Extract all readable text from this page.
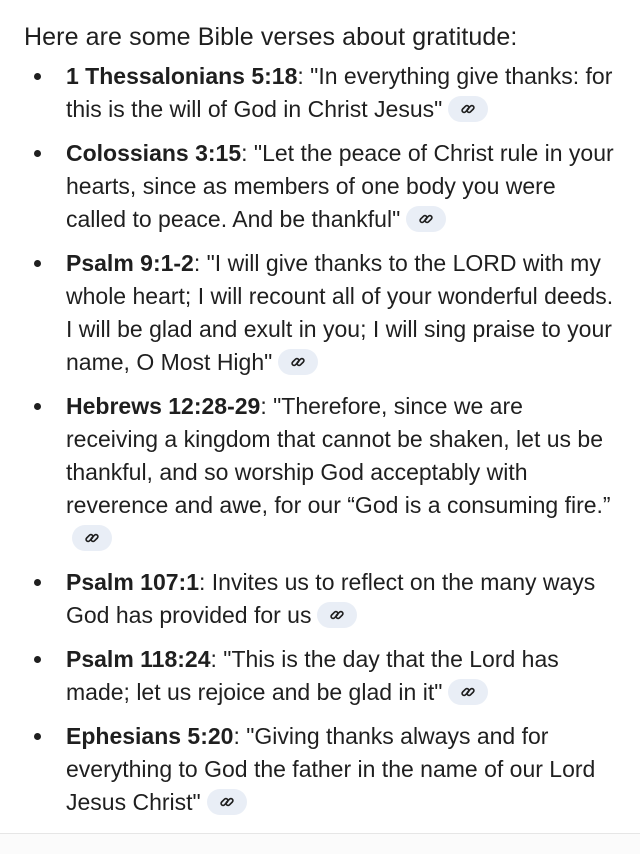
Here are some Bible verses about gratitude:

1 Thessalonians 5:18: "In everything give thanks: for this is the will of God in Christ Jesus"
Colossians 3:15: "Let the peace of Christ rule in your hearts, since as members of one body you were called to peace. And be thankful"
Psalm 9:1-2: "I will give thanks to the LORD with my whole heart; I will recount all of your wonderful deeds. I will be glad and exult in you; I will sing praise to your name, O Most High"
Hebrews 12:28-29: "Therefore, since we are receiving a kingdom that cannot be shaken, let us be thankful, and so worship God acceptably with reverence and awe, for our “God is a consuming fire.”
Psalm 107:1: Invites us to reflect on the many ways God has provided for us
Psalm 118:24: "This is the day that the Lord has made; let us rejoice and be glad in it"
Ephesians 5:20: "Giving thanks always and for everything to God the father in the name of our Lord Jesus Christ"
